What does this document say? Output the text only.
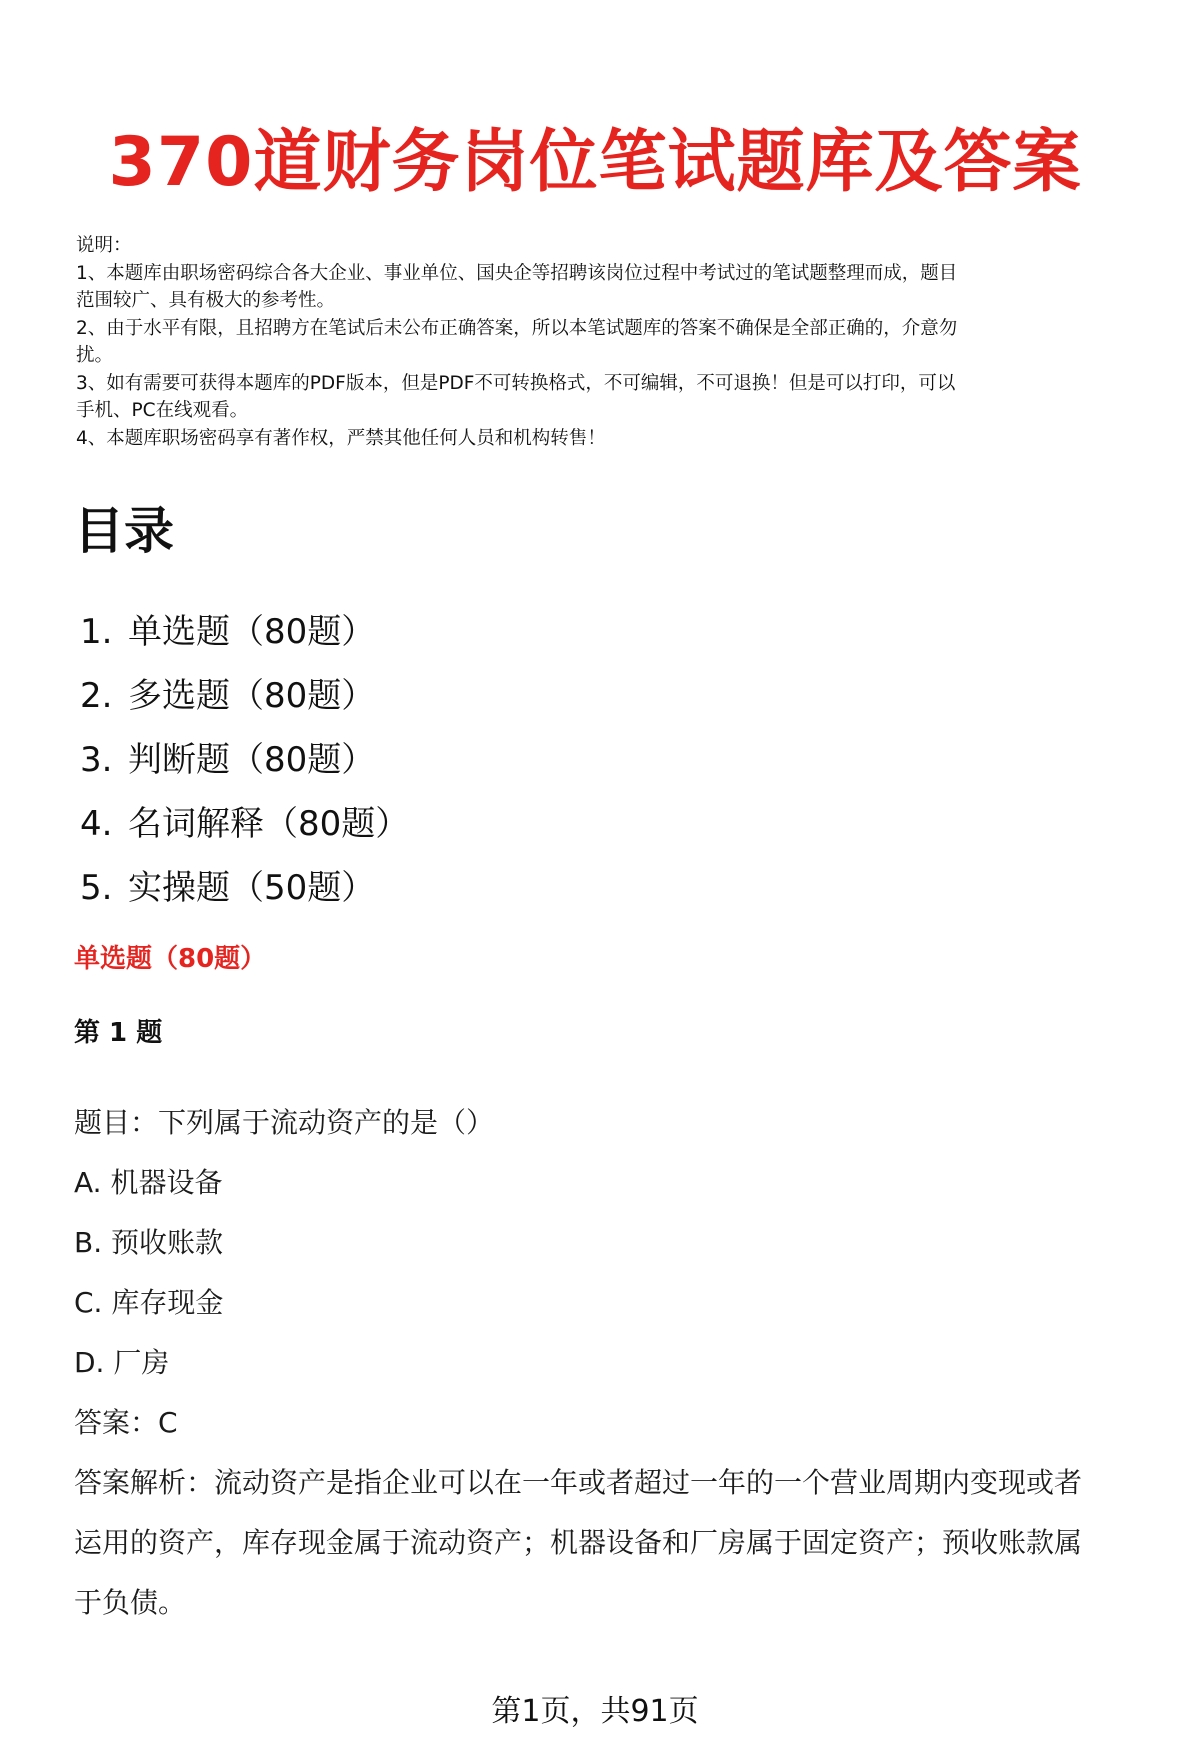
370道财务岗位笔试题库及答案
说明：
1、本题库由职场密码综合各大企业、事业单位、国央企等招聘该岗位过程中考试过的笔试题整理而成，题目
范围较广、具有极大的参考性。
2、由于水平有限，且招聘方在笔试后未公布正确答案，所以本笔试题库的答案不确保是全部正确的，介意勿
扰。
3、如有需要可获得本题库的PDF版本，但是PDF不可转换格式，不可编辑，不可退换！但是可以打印，可以
手机、PC在线观看。
4、本题库职场密码享有著作权，严禁其他任何人员和机构转售！
目录
1. 单选题（80题）
2. 多选题（80题）
3. 判断题（80题）
4. 名词解释（80题）
5. 实操题（50题）
单选题（80题）
第 1 题
题目：下列属于流动资产的是（）
A. 机器设备
B. 预收账款
C. 库存现金
D. 厂房
答案：C
答案解析：流动资产是指企业可以在一年或者超过一年的一个营业周期内变现或者
运用的资产，库存现金属于流动资产；机器设备和厂房属于固定资产；预收账款属
于负债。
第1页，共91页
